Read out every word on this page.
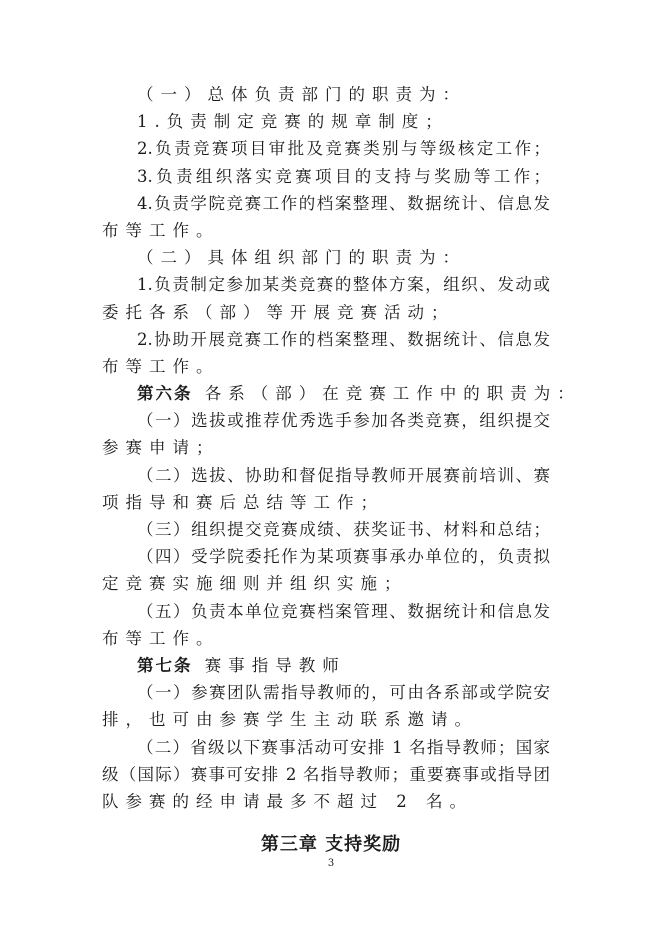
（一）总体负责部门的职责为：
1.负责制定竞赛的规章制度；
2.负责竞赛项目审批及竞赛类别与等级核定工作；
3.负责组织落实竞赛项目的支持与奖励等工作；
4.负责学院竞赛工作的档案整理、数据统计、信息发
布等工作。
（二）具体组织部门的职责为：
1.负责制定参加某类竞赛的整体方案，组织、发动或
委托各系（部）等开展竞赛活动；
2.协助开展竞赛工作的档案整理、数据统计、信息发
布等工作。
第六条 各系（部）在竞赛工作中的职责为：
（一）选拔或推荐优秀选手参加各类竞赛，组织提交
参赛申请；
（二）选拔、协助和督促指导教师开展赛前培训、赛
项指导和赛后总结等工作；
（三）组织提交竞赛成绩、获奖证书、材料和总结；
（四）受学院委托作为某项赛事承办单位的，负责拟
定竞赛实施细则并组织实施；
（五）负责本单位竞赛档案管理、数据统计和信息发
布等工作。
第七条 赛事指导教师
（一）参赛团队需指导教师的，可由各系部或学院安
排，也可由参赛学生主动联系邀请。
（二）省级以下赛事活动可安排 1 名指导教师；国家
级（国际）赛事可安排 2 名指导教师；重要赛事或指导团
队参赛的经申请最多不超过 2 名。
第三章 支持奖励
3
